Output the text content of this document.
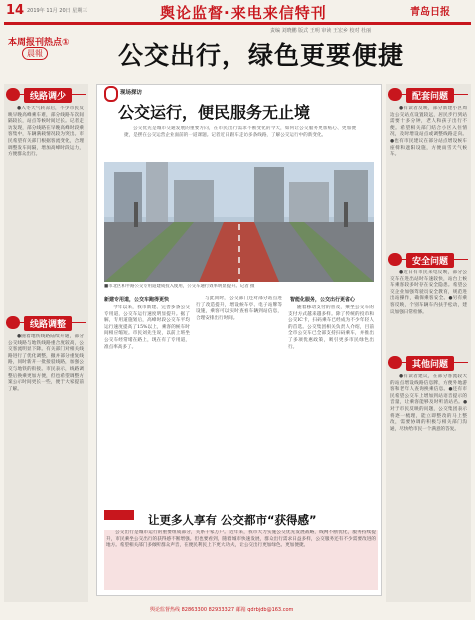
14 2019年 11月 20日 星期三	舆论监督·来电来信特刊	青岛日报
责编 刘晓鹏 版式 王明 审读 王宏乡 校对 杜丽
本周报刊热点①
晨報	公交出行，绿色更要便捷
线路调少

●入冬天气转凉后，不少市民反映早晚高峰乘车难，部分线路车次间隔较长，站点等候时间过长。记者走访发现，部分线路在早晚高峰时段乘客集中，车辆满载情况较为突出。市民希望有关部门根据客流变化，合理调整发车间隔，增加高峰时段运力，方便群众出行。

线路调整

●随着地铁线路陆续开通，部分公交线路与地铁线路重合度较高，公交客流明显下降。有关部门对相关线路进行了优化调整，撤并部分重复线路，同时新开一批接驳线路，加强公交与地铁的衔接。市民表示，线路调整后换乘更加方便，但也希望调整方案公示时间更长一些，便于大家提前了解。

现场探访
公交运行，便民服务无止境

公交优先是城市交通发展的重要方向，在市民出行需求不断变化的今天，如何让公交服务更加贴心、更加便捷，是摆在公交运营企业面前的一道课题。记者近日跟车走访多条线路，了解公交运行中的新变化。

■市北区和平路公交专用道建成投入使用，公交车通行效率明显提升。记者 摄
新建专用道，公交车跑得更快

今年以来，我市新建、完善多条公交专用道，公交车运行速度明显提升。据了解，专用道施划后，高峰时段公交车平均运行速度提高了15%以上，乘客的候车时间相应缩短。市民刘先生说，以前上班坐公交车经常堵在路上，现在有了专用道，准点率高多了。

与此同时，公交部门还对部分站点进行了改造提升，增设候车亭、电子站牌等设施，乘客可以实时查看车辆到站信息，合理安排出行时间。

智能化服务，公交出行更省心

随着移动支付的普及，乘坐公交车的支付方式越来越多样。除了传统的投币和公交IC卡，扫码乘车已经成为不少年轻人的首选。公交集团相关负责人介绍，目前全市公交车已全部支持扫码乘车，并推出了多项优惠政策，吸引更多市民绿色出行。

记者手记	让更多人享有 公交都市“获得感”

公交出行是城市运行的重要组成部分，关系千家万户。近年来，我市大力实施公交优先发展战略，线网不断优化，服务持续提升，市民乘坐公交出行的获得感不断增强。但也要看到，随着城市快速发展，群众出行需求日益多样，公交服务还有不少需要改进的地方。希望相关部门多倾听群众声音，在便民利民上下更大功夫，让公交出行更加绿色、更加便捷。

配套问题

●有读者反映，部分新建小区周边公交站点设置较远，居民步行到站需要十多分钟，老人和孩子出行不便。希望相关部门结合小区入住情况，及时增设站点或调整线路走向。●也有市民建议在部分站点增设候车座椅和遮阳设施，方便雨雪天气候车。

安全问题

●近日有市民来电反映，部分公交车在进出站时车速较快，站台上候车乘客较多时存在安全隐患。希望公交企业加强驾驶员安全教育，规范进出站操作，确保乘客安全。●另有乘客反映，个别车辆车内扶手松动，建议加强日常检修。

其他问题

●有读者建议，在部分客流较大的站点增设线路信息牌，方便外地游客和老年人查询换乘信息。●还有市民希望公交车上增加到站语音提示的音量，让乘客能够及时听清站名。●对于市民反映的问题，公交集团表示将逐一梳理，能立即整改的马上整改，需要协调的积极与相关部门沟通，尽快给市民一个满意的答复。

舆论监督热线 82863300 82933327 邮箱 qdrbjdb@163.com
